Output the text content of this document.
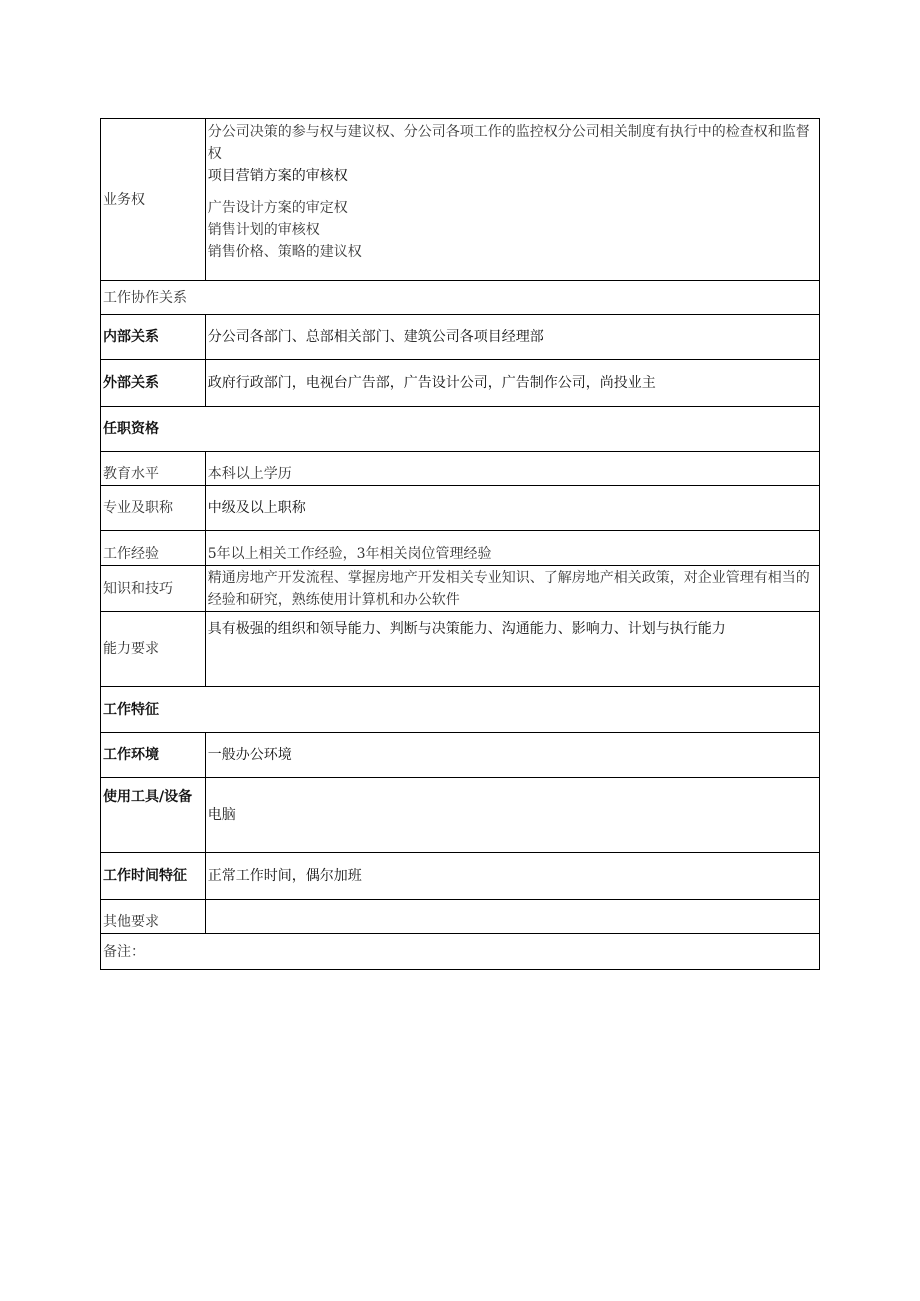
业务权	分公司决策的参与权与建议权、分公司各项工作的监控权分公司相关制度有执行中的检查权和监督权
项目营销方案的审核权
广告设计方案的审定权
销售计划的审核权
销售价格、策略的建议权

工作协作关系	
内部关系	分公司各部门、总部相关部门、建筑公司各项目经理部
外部关系	政府行政部门，电视台广告部，广告设计公司，广告制作公司，尚投业主
任职资格	
教育水平	本科以上学历
专业及职称	中级及以上职称
工作经验	5年以上相关工作经验，3年相关岗位管理经验
知识和技巧	精通房地产开发流程、掌握房地产开发相关专业知识、了解房地产相关政策，对企业管理有相当的经验和研究，熟练使用计算机和办公软件
能力要求	具有极强的组织和领导能力、判断与决策能力、沟通能力、影响力、计划与执行能力
工作特征	
工作环境	一般办公环境
使用工具/设备	电脑
工作时间特征	正常工作时间，偶尔加班
其他要求	
备注：	
